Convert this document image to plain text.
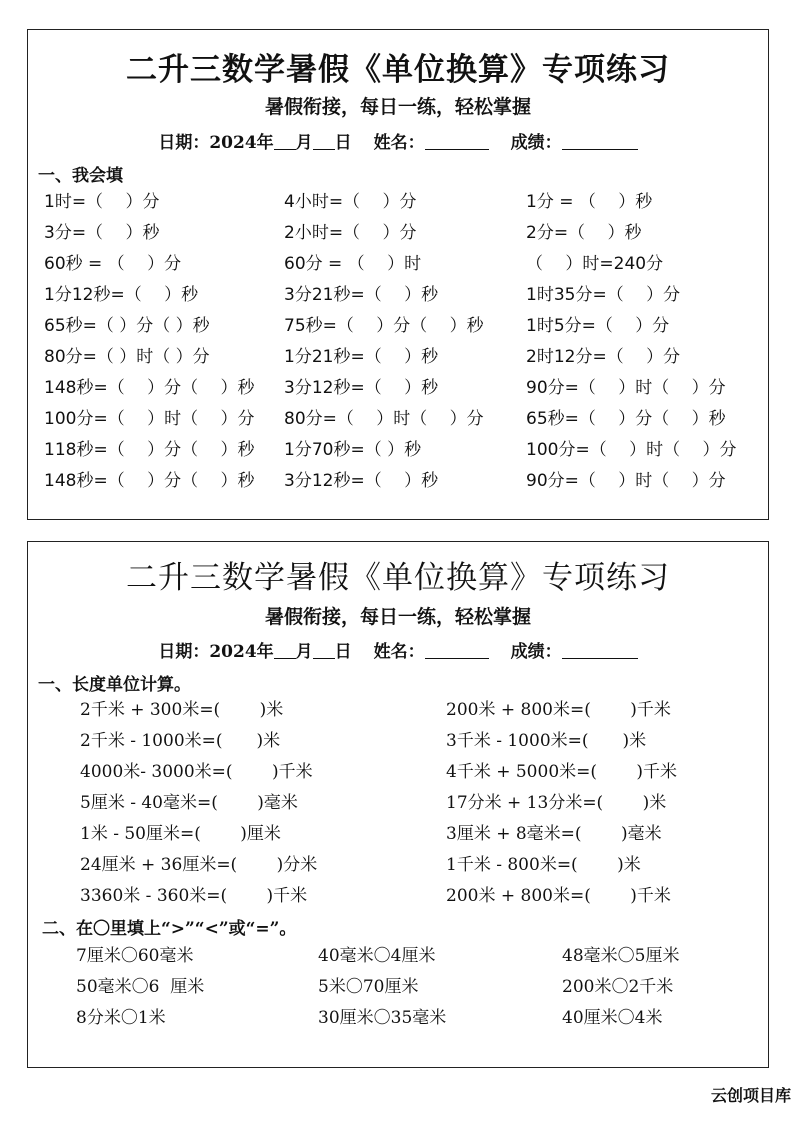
二升三数学暑假《单位换算》专项练习
暑假衔接，每日一练，轻松掌握
日期：2024年 月 日 姓名：	成绩：
一、我会填
1时=（　 ）分	4小时=（　 ）分	1分 = （　 ）秒
3分=（　 ）秒	2小时=（　 ）分	2分=（　 ）秒
60秒 = （　 ）分	60分 = （　 ）时	（　 ）时=240分
1分12秒=（　 ）秒	3分21秒=（　 ）秒	1时35分=（　 ）分
65秒=（ ）分（ ）秒	75秒=（　 ）分（　 ）秒 1时5分=（　 ）分
80分=（ ）时（ ）分	1分21秒=（　 ）秒	2时12分=（　 ）分
148秒=（　 ）分（　 ）秒 3分12秒=（　 ）秒	90分=（　 ）时（　 ）分
100分=（　 ）时（　 ）分 80分=（　 ）时（　 ）分 65秒=（　 ）分（　 ）秒
118秒=（　 ）分（　 ）秒 1分70秒=（ ）秒	100分=（　 ）时（　 ）分
148秒=（　 ）分（　 ）秒 3分12秒=（　 ）秒	90分=（　 ）时（　 ）分
二升三数学暑假《单位换算》专项练习
暑假衔接，每日一练，轻松掌握
日期：2024年 月 日 姓名：	成绩：
一、长度单位计算。
2千米 + 300米=(　　 )米	200米 + 800米=(　　 )千米
2千米 - 1000米=(　　)米	3千米 - 1000米=(　　)米
4000米- 3000米=(　　 )千米	4千米 + 5000米=(　　 )千米
5厘米 - 40毫米=(　　 )毫米	17分米 + 13分米=(　　 )米
1米 - 50厘米=(　　 )厘米	3厘米 + 8毫米=(　　 )毫米
24厘米 + 36厘米=(　　 )分米	1千米 - 800米=(　　 )米
3360米 - 360米=(　　 )千米	200米 + 800米=(　　 )千米
二、在〇里填上“>”“<”或“=”。
7厘米〇60毫米	40毫米〇4厘米	48毫米〇5厘米
50毫米〇6  厘米	5米〇70厘米	200米〇2千米
8分米〇1米	30厘米〇35毫米	40厘米〇4米
云创项目库
